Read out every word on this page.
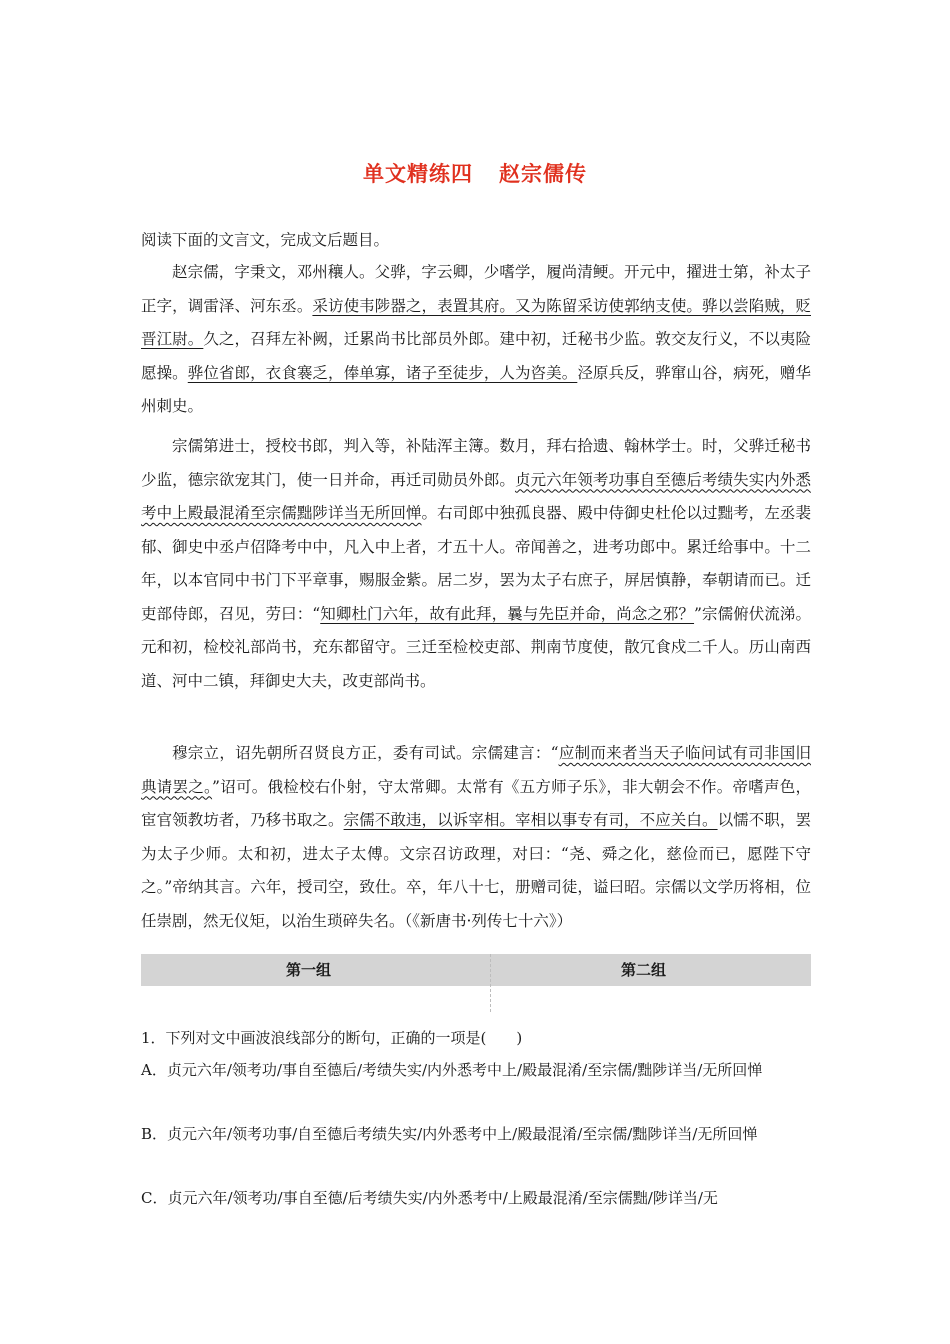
单文精练四 赵宗儒传

阅读下面的文言文，完成文后题目。

赵宗儒，字秉文，邓州穰人。父骅，字云卿，少嗜学，履尚清鲠。开元中，擢进士第，补太子正字，调雷泽、河东丞。采访使韦陟器之，表置其府。又为陈留采访使郭纳支使。骅以尝陷贼，贬晋江尉。久之，召拜左补阙，迁累尚书比部员外郎。建中初，迁秘书少监。敦交友行义，不以夷险愿操。骅位省郎，衣食褰乏，俸单寡，诸子至徒步，人为咨美。泾原兵反，骅窜山谷，病死，赠华州刺史。

宗儒第进士，授校书郎，判入等，补陆浑主簿。数月，拜右拾遗、翰林学士。时，父骅迁秘书少监，德宗欲宠其门，使一日并命，再迁司勋员外郎。贞元六年领考功事自至德后考绩失实内外悉考中上殿最混淆至宗儒黜陟详当无所回惮。右司郎中独孤良器、殿中侍御史杜伦以过黜考，左丞裴郁、御史中丞卢佋降考中中，凡入中上者，才五十人。帝闻善之，进考功郎中。累迁给事中。十二年，以本官同中书门下平章事，赐服金紫。居二岁，罢为太子右庶子，屏居慎静，奉朝请而已。迁吏部侍郎，召见，劳曰：“知卿杜门六年，故有此拜，曩与先臣并命，尚念之邪？”宗儒俯伏流涕。元和初，检校礼部尚书，充东都留守。三迁至检校吏部、荆南节度使，散冗食戍二千人。历山南西道、河中二镇，拜御史大夫，改吏部尚书。

穆宗立，诏先朝所召贤良方正，委有司试。宗儒建言：“应制而来者当天子临问试有司非国旧典请罢之。”诏可。俄检校右仆射，守太常卿。太常有《五方师子乐》，非大朝会不作。帝嗜声色，宦官领教坊者，乃移书取之。宗儒不敢违，以诉宰相。宰相以事专有司，不应关白。以懦不职，罢为太子少师。太和初，进太子太傅。文宗召访政理，对曰：“尧、舜之化，慈俭而已，愿陛下守之。”帝纳其言。六年，授司空，致仕。卒，年八十七，册赠司徒，谥曰昭。宗儒以文学历将相，位任崇剧，然无仪矩，以治生琐碎失名。（《新唐书·列传七十六》）

第一组	第二组

1．下列对文中画波浪线部分的断句，正确的一项是(　　)

A．贞元六年/领考功/事自至德后/考绩失实/内外悉考中上/殿最混淆/至宗儒/黜陟详当/无所回惮

B．贞元六年/领考功事/自至德后考绩失实/内外悉考中上/殿最混淆/至宗儒/黜陟详当/无所回惮

C．贞元六年/领考功/事自至德/后考绩失实/内外悉考中/上殿最混淆/至宗儒黜/陟详当/无
